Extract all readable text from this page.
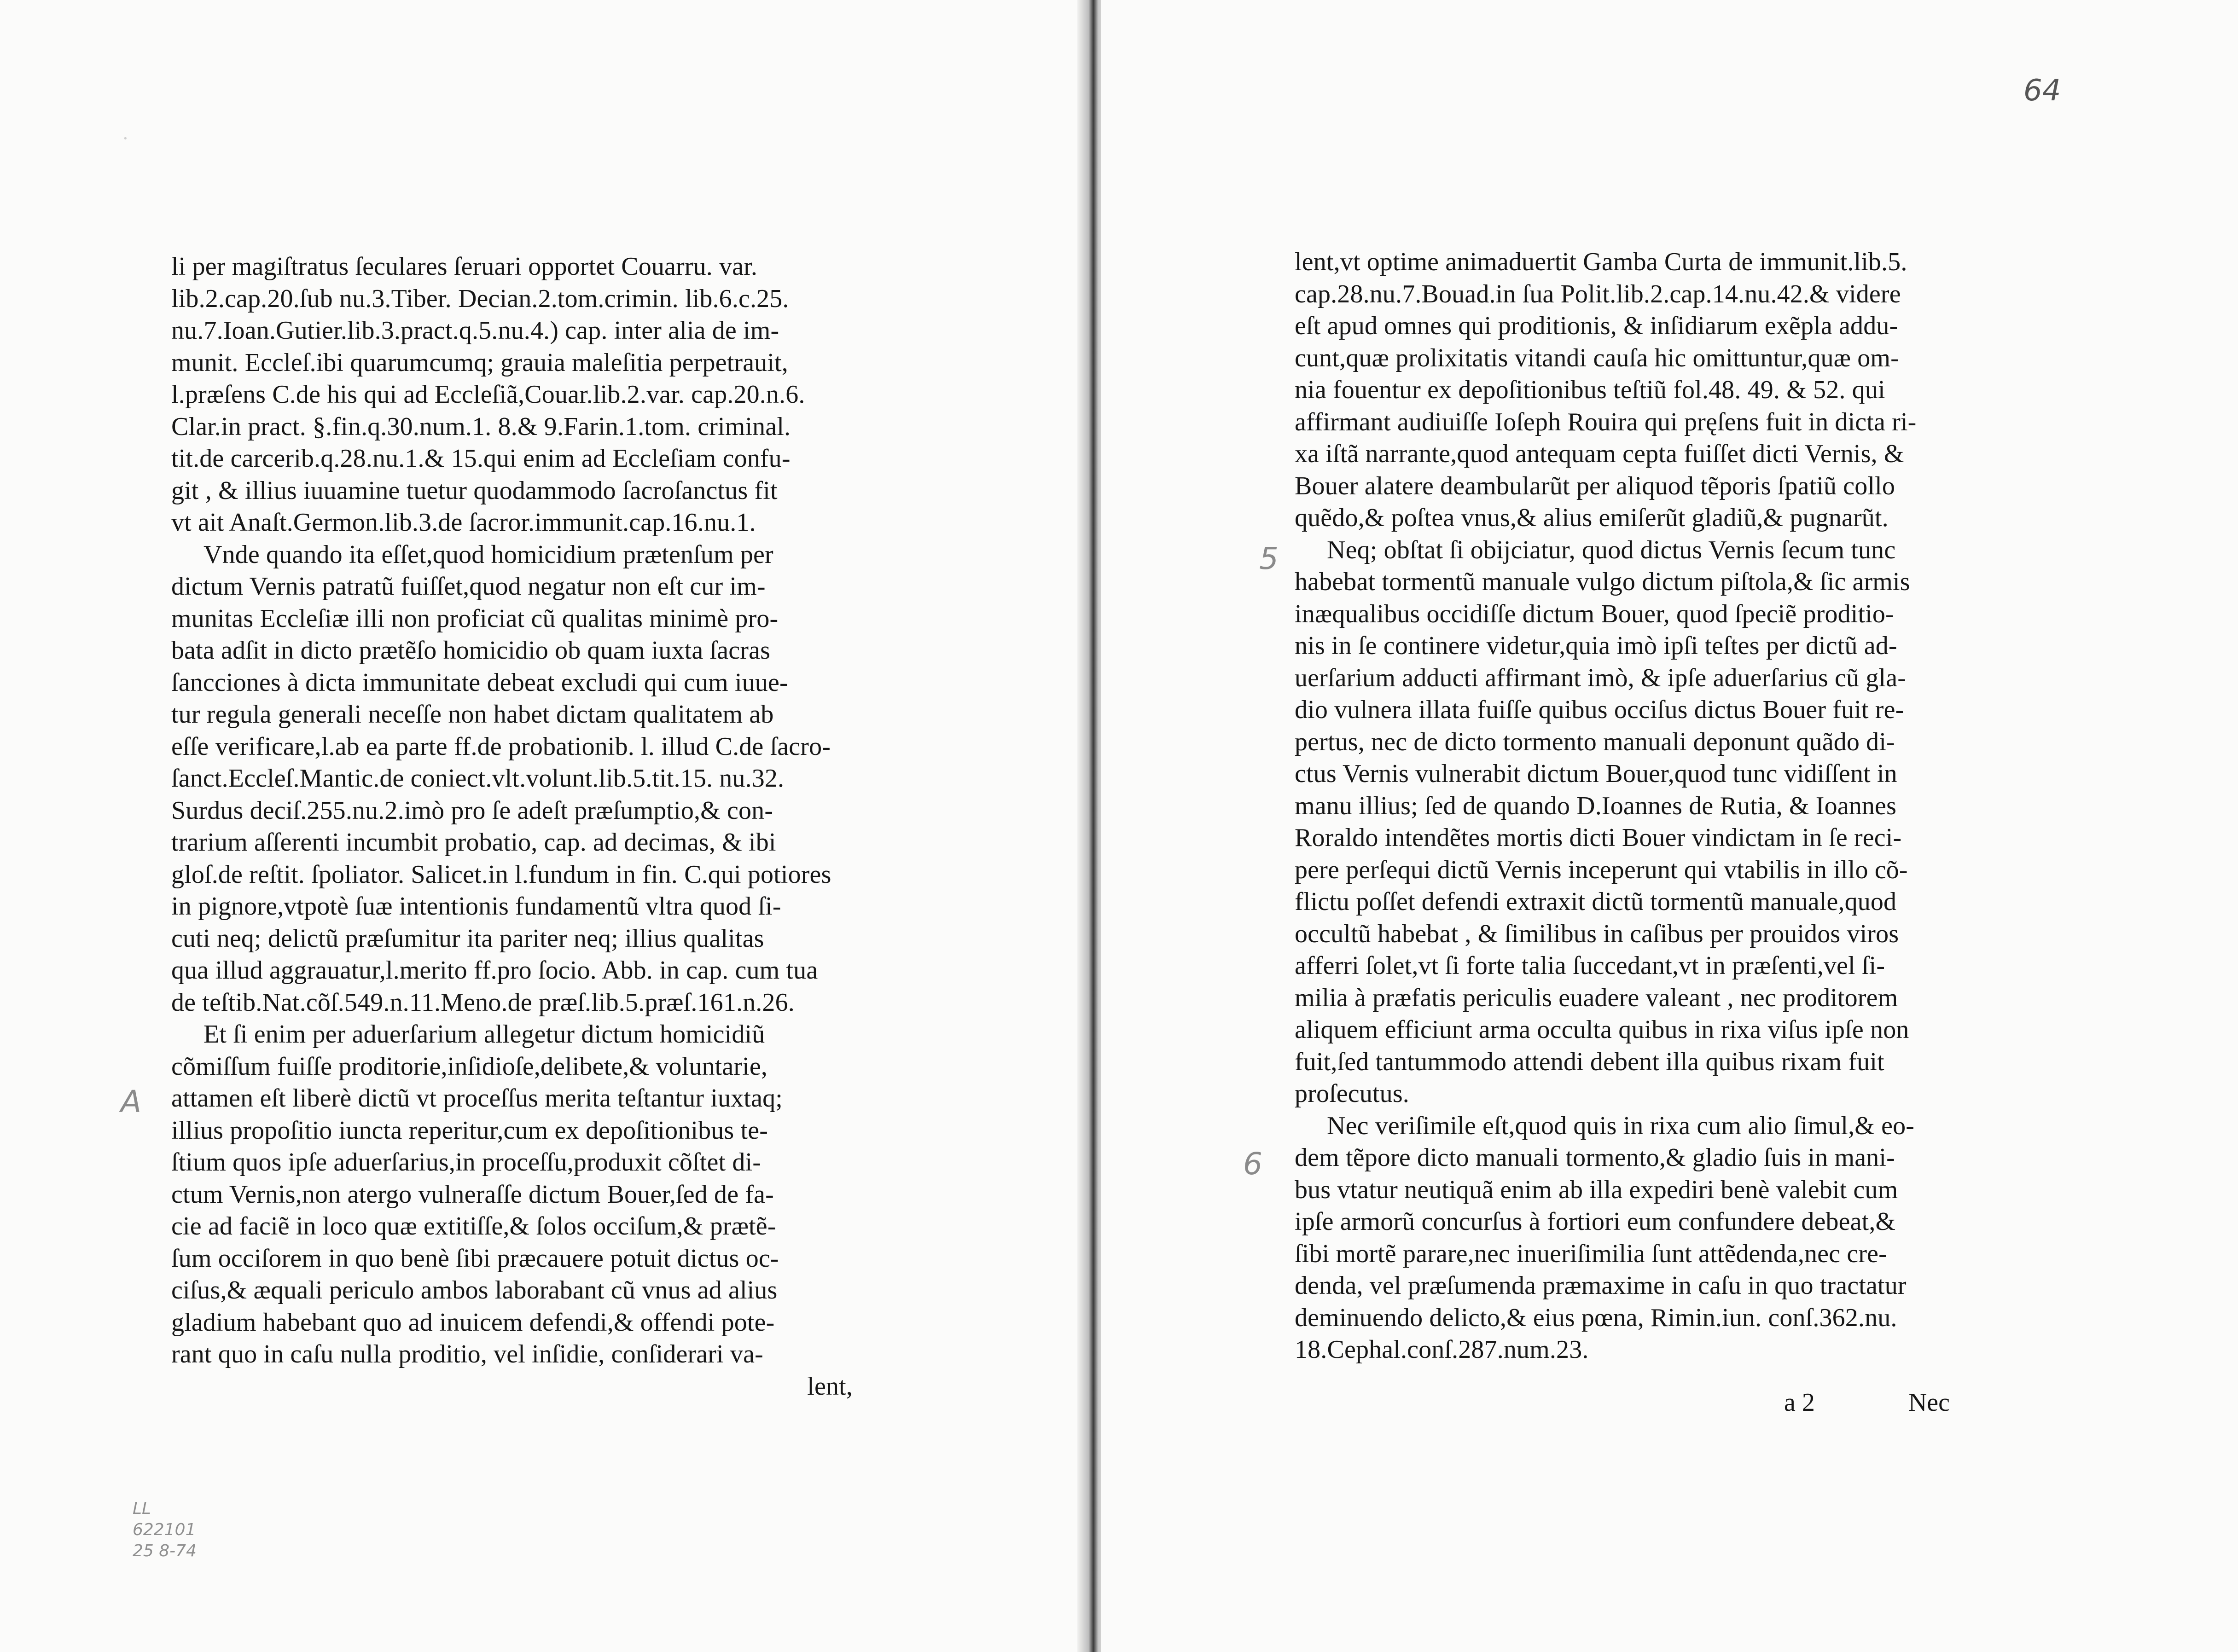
·
li per magiſtratus ſeculares ſeruari opportet Couarru. var.
lib.2.cap.20.ſub nu.3.Tiber. Decian.2.tom.crimin. lib.6.c.25.
nu.7.Ioan.Gutier.lib.3.pract.q.5.nu.4.) cap. inter alia de im-
munit. Eccleſ.ibi quarumcumq; grauia maleſitia perpetrauit,
l.præſens C.de his qui ad Eccleſiã,Couar.lib.2.var. cap.20.n.6.
Clar.in pract. §.fin.q.30.num.1. 8.& 9.Farin.1.tom. criminal.
tit.de carcerib.q.28.nu.1.& 15.qui enim ad Eccleſiam confu-
git , & illius iuuamine tuetur quodammodo ſacroſanctus fit
vt ait Anaſt.Germon.lib.3.de ſacror.immunit.cap.16.nu.1.
Vnde quando ita eſſet,quod homicidium prætenſum per
dictum Vernis patratũ fuiſſet,quod negatur non eſt cur im-
munitas Eccleſiæ illi non proficiat cũ qualitas minimè pro-
bata adſit in dicto prætẽſo homicidio ob quam iuxta ſacras
ſancciones à dicta immunitate debeat excludi qui cum iuue-
tur regula generali neceſſe non habet dictam qualitatem ab
eſſe verificare,l.ab ea parte ff.de probationib. l. illud C.de ſacro-
ſanct.Eccleſ.Mantic.de coniect.vlt.volunt.lib.5.tit.15. nu.32.
Surdus deciſ.255.nu.2.imò pro ſe adeſt præſumptio,& con-
trarium aſſerenti incumbit probatio, cap. ad decimas, & ibi
gloſ.de reſtit. ſpoliator. Salicet.in l.fundum in fin. C.qui potiores
in pignore,vtpotè ſuæ intentionis fundamentũ vltra quod ſi-
cuti neq; delictũ præſumitur ita pariter neq; illius qualitas
qua illud aggrauatur,l.merito ff.pro ſocio. Abb. in cap. cum tua
de teſtib.Nat.cõſ.549.n.11.Meno.de præſ.lib.5.præſ.161.n.26.
Et ſi enim per aduerſarium allegetur dictum homicidiũ
cõmiſſum fuiſſe proditorie,inſidioſe,delibete,& voluntarie,
attamen eſt liberè dictũ vt proceſſus merita teſtantur iuxtaq;
illius propoſitio iuncta reperitur,cum ex depoſitionibus te-
ſtium quos ipſe aduerſarius,in proceſſu,produxit cõſtet di-
ctum Vernis,non atergo vulneraſſe dictum Bouer,ſed de fa-
cie ad faciẽ in loco quæ extitiſſe,& ſolos occiſum,& prætẽ-
ſum occiſorem in quo benè ſibi præcauere potuit dictus oc-
ciſus,& æquali periculo ambos laborabant cũ vnus ad alius
gladium habebant quo ad inuicem defendi,& offendi pote-
rant quo in caſu nulla proditio, vel inſidie, conſiderari va-
lent,
A
LL
622101
25 8-74
64
5
6
lent,vt optime animaduertit Gamba Curta de immunit.lib.5.
cap.28.nu.7.Bouad.in ſua Polit.lib.2.cap.14.nu.42.& videre
eſt apud omnes qui proditionis, & inſidiarum exẽpla addu-
cunt,quæ prolixitatis vitandi cauſa hic omittuntur,quæ om-
nia fouentur ex depoſitionibus teſtiũ fol.48. 49. & 52. qui
affirmant audiuiſſe Ioſeph Rouira qui pręſens fuit in dicta ri-
xa iſtã narrante,quod antequam cepta fuiſſet dicti Vernis, &
Bouer alatere deambularũt per aliquod tẽporis ſpatiũ collo
quẽdo,& poſtea vnus,& alius emiſerũt gladiũ,& pugnarũt.
Neq; obſtat ſi obijciatur, quod dictus Vernis ſecum tunc
habebat tormentũ manuale vulgo dictum piſtola,& ſic armis
inæqualibus occidiſſe dictum Bouer, quod ſpeciẽ proditio-
nis in ſe continere videtur,quia imò ipſi teſtes per dictũ ad-
uerſarium adducti affirmant imò, & ipſe aduerſarius cũ gla-
dio vulnera illata fuiſſe quibus occiſus dictus Bouer fuit re-
pertus, nec de dicto tormento manuali deponunt quãdo di-
ctus Vernis vulnerabit dictum Bouer,quod tunc vidiſſent in
manu illius; ſed de quando D.Ioannes de Rutia, & Ioannes
Roraldo intendẽtes mortis dicti Bouer vindictam in ſe reci-
pere perſequi dictũ Vernis inceperunt qui vtabilis in illo cõ-
flictu poſſet defendi extraxit dictũ tormentũ manuale,quod
occultũ habebat , & ſimilibus in caſibus per prouidos viros
afferri ſolet,vt ſi forte talia ſuccedant,vt in præſenti,vel ſi-
milia à præfatis periculis euadere valeant , nec proditorem
aliquem efficiunt arma occulta quibus in rixa viſus ipſe non
fuit,ſed tantummodo attendi debent illa quibus rixam fuit
proſecutus.
Nec veriſimile eſt,quod quis in rixa cum alio ſimul,& eo-
dem tẽpore dicto manuali tormento,& gladio ſuis in mani-
bus vtatur neutiquã enim ab illa expediri benè valebit cum
ipſe armorũ concurſus à fortiori eum confundere debeat,&
ſibi mortẽ parare,nec inueriſimilia ſunt attẽdenda,nec cre-
denda, vel præſumenda præmaxime in caſu in quo tractatur
deminuendo delicto,& eius pœna, Rimin.iun. conſ.362.nu.
18.Cephal.conſ.287.num.23.
a 2	Nec
